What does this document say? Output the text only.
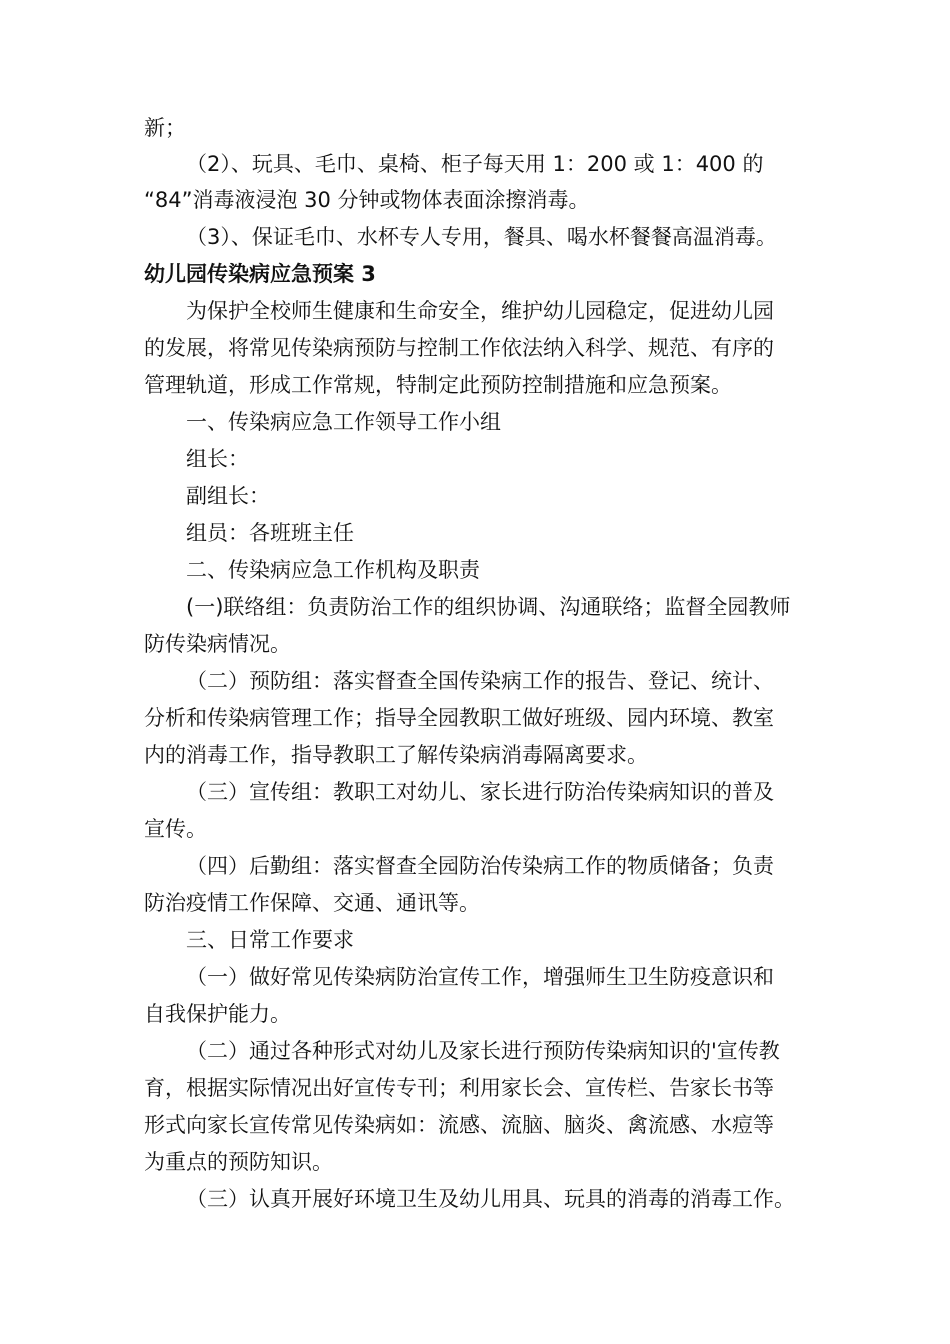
新；
（2）、玩具、毛巾、桌椅、柜子每天用 1：200 或 1：400 的
“84”消毒液浸泡 30 分钟或物体表面涂擦消毒。
（3）、保证毛巾、水杯专人专用，餐具、喝水杯餐餐高温消毒。
幼儿园传染病应急预案 3
为保护全校师生健康和生命安全，维护幼儿园稳定，促进幼儿园
的发展，将常见传染病预防与控制工作依法纳入科学、规范、有序的
管理轨道，形成工作常规，特制定此预防控制措施和应急预案。
一、传染病应急工作领导工作小组
组长：
副组长：
组员：各班班主任
二、传染病应急工作机构及职责
(一)联络组：负责防治工作的组织协调、沟通联络；监督全园教师
防传染病情况。
（二）预防组：落实督查全国传染病工作的报告、登记、统计、
分析和传染病管理工作；指导全园教职工做好班级、园内环境、教室
内的消毒工作，指导教职工了解传染病消毒隔离要求。
（三）宣传组：教职工对幼儿、家长进行防治传染病知识的普及
宣传。
（四）后勤组：落实督查全园防治传染病工作的物质储备；负责
防治疫情工作保障、交通、通讯等。
三、日常工作要求
（一）做好常见传染病防治宣传工作，增强师生卫生防疫意识和
自我保护能力。
（二）通过各种形式对幼儿及家长进行预防传染病知识的'宣传教
育，根据实际情况出好宣传专刊；利用家长会、宣传栏、告家长书等
形式向家长宣传常见传染病如：流感、流脑、脑炎、禽流感、水痘等
为重点的预防知识。
（三）认真开展好环境卫生及幼儿用具、玩具的消毒的消毒工作。
